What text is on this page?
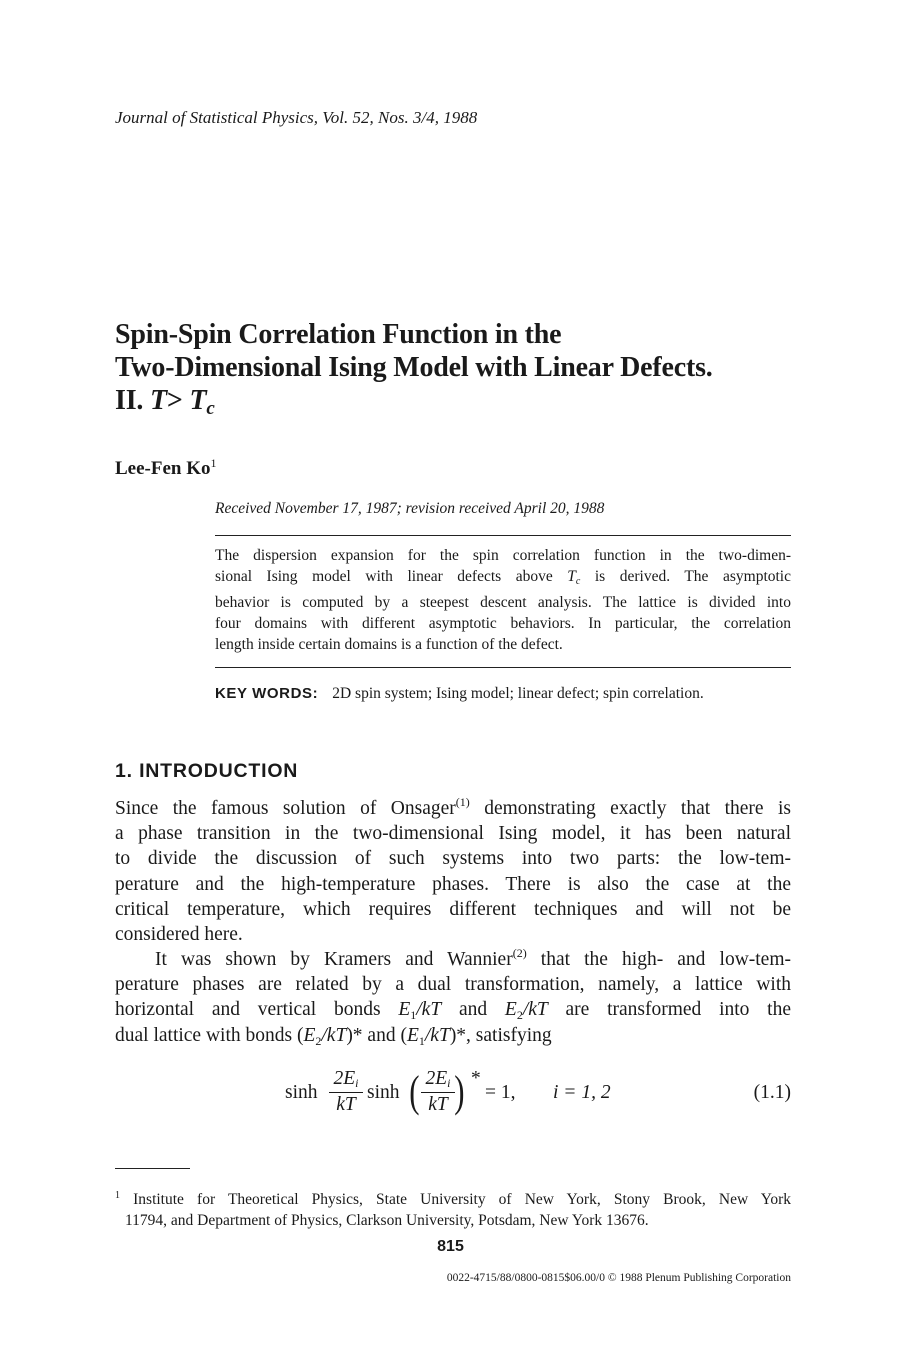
Journal of Statistical Physics, Vol. 52, Nos. 3/4, 1988
Spin-Spin Correlation Function in the
Two-Dimensional Ising Model with Linear Defects.
II. $T> T_c$
Lee-Fen Ko$^1$
Received November 17, 1987; revision received April 20, 1988
The dispersion expansion for the spin correlation function in the two-dimen-
sional Ising model with linear defects above $T_c$ is derived. The asymptotic
behavior is computed by a steepest descent analysis. The lattice is divided into
four domains with different asymptotic behaviors. In particular, the correlation
length inside certain domains is a function of the defect.
KEY WORDS: 2D spin system; Ising model; linear defect; spin correlation.
1. INTRODUCTION
Since the famous solution of Onsager$^{(1)}$ demonstrating exactly that there is
a phase transition in the two-dimensional Ising model, it has been natural
to divide the discussion of such systems into two parts: the low-tem-
perature and the high-temperature phases. There is also the case at the
critical temperature, which requires different techniques and will not be
considered here.
It was shown by Kramers and Wannier$^{(2)}$ that the high- and low-tem-
perature phases are related by a dual transformation, namely, a lattice with
horizontal and vertical bonds $E_1/kT$ and $E_2/kT$ are transformed into the
dual lattice with bonds $(E_2/kT)*$ and $(E_1/kT)*$, satisfying
sinh
$2E_i$
kT
sinh ( $2E_i$
kT ) *
= 1, i = 1, 2	(1.1)
$^1$ Institute for Theoretical Physics, State University of New York, Stony Brook, New York
11794, and Department of Physics, Clarkson University, Potsdam, New York 13676.
815
0022-4715/88/0800-0815$06.00/0 © 1988 Plenum Publishing Corporation
